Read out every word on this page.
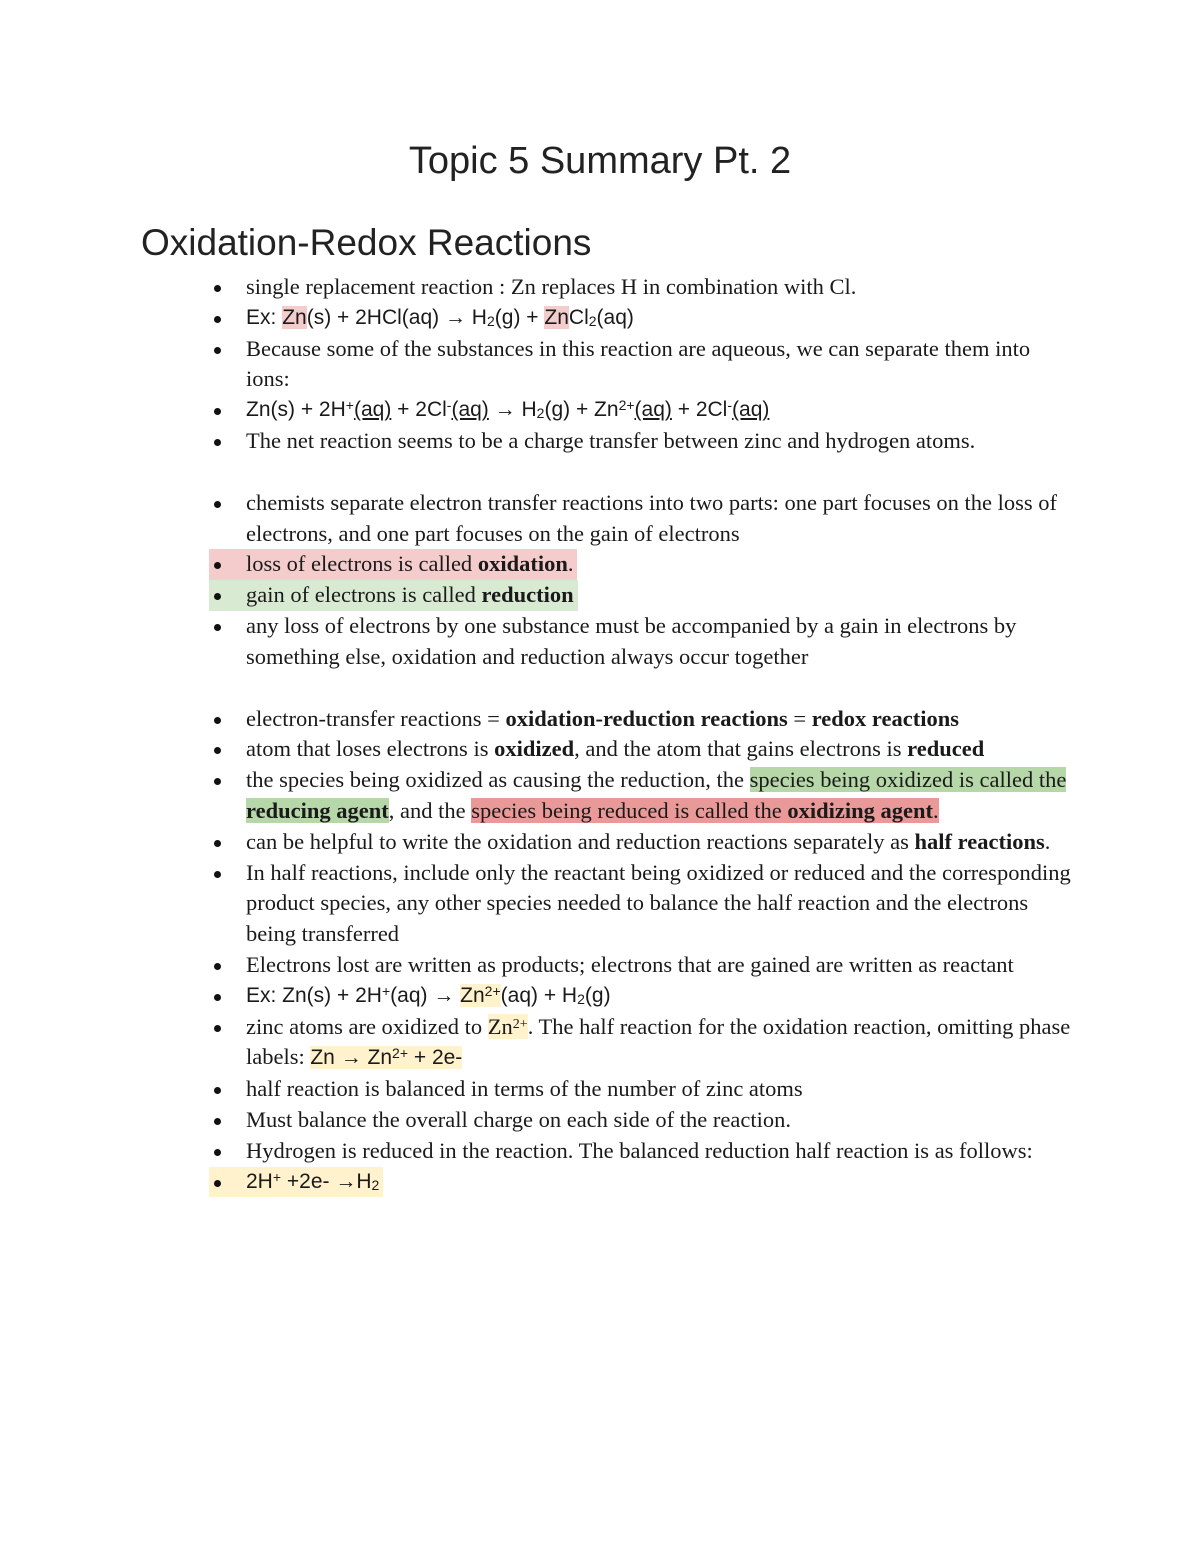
Topic 5 Summary Pt. 2
Oxidation-Redox Reactions
single replacement reaction : Zn replaces H in combination with Cl.
Ex: $Zn(s) + 2HCl(aq) \to H_2(g)$ + ZnCl$_2$(aq)
Because some of the substances in this reaction are aqueous, we can separate them into ions:
$Zn(s) + 2H^+(aq) + 2Cl^-(aq) \to H_2(g) + Zn^{2+}(aq) + 2Cl^-(aq)$
The net reaction seems to be a charge transfer between zinc and hydrogen atoms.
chemists separate electron transfer reactions into two parts: one part focuses on the loss of electrons, and one part focuses on the gain of electrons
loss of electrons is called oxidation.
gain of electrons is called reduction
any loss of electrons by one substance must be accompanied by a gain in electrons by something else, oxidation and reduction always occur together
electron-transfer reactions = oxidation-reduction reactions = redox reactions
atom that loses electrons is oxidized, and the atom that gains electrons is reduced
the species being oxidized as causing the reduction, the species being oxidized is called the reducing agent, and the species being reduced is called the oxidizing agent.
can be helpful to write the oxidation and reduction reactions separately as half reactions.
In half reactions, include only the reactant being oxidized or reduced and the corresponding product species, any other species needed to balance the half reaction and the electrons being transferred
Electrons lost are written as products; electrons that are gained are written as reactant
Ex: $Zn(s) + 2H^+(aq) \to Zn^{2+}(aq) + H_2(g)$
zinc atoms are oxidized to $Zn^{2+}$. The half reaction for the oxidation reaction, omitting phase labels: $Zn \to Zn^{2+} + 2e-$
half reaction is balanced in terms of the number of zinc atoms
Must balance the overall charge on each side of the reaction.
Hydrogen is reduced in the reaction. The balanced reduction half reaction is as follows:
$2H^+ +2e- \to H_2$
